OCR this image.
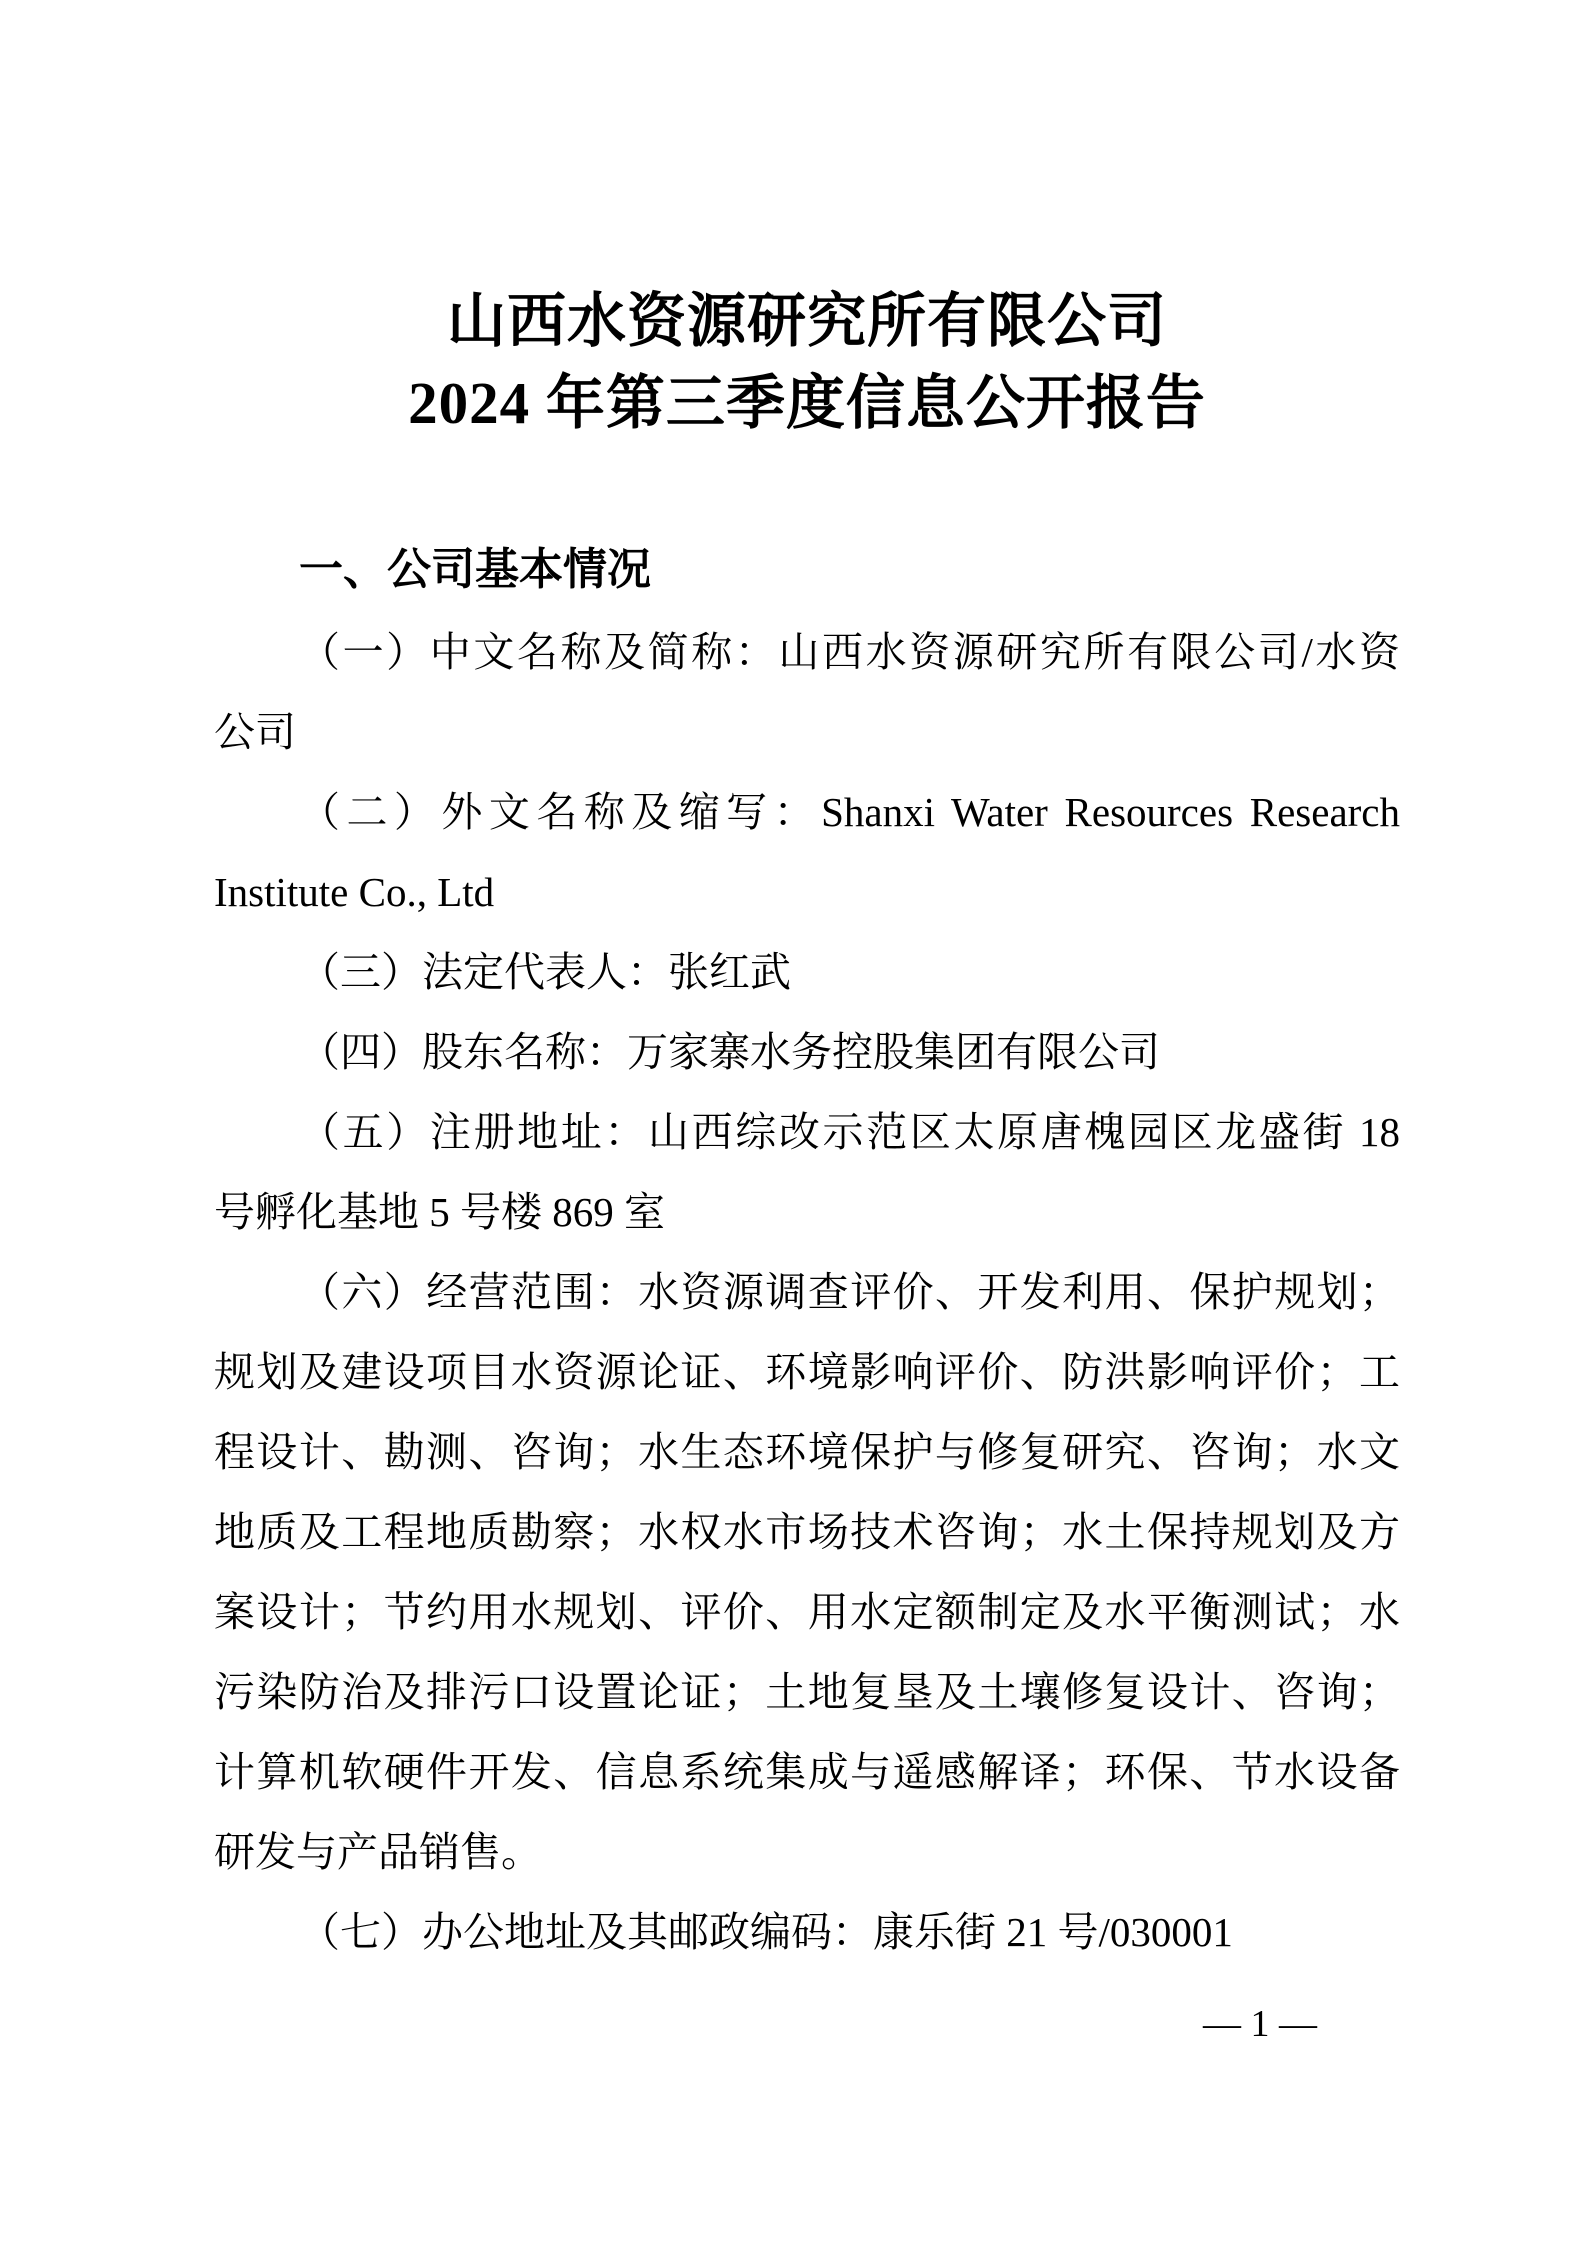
山西水资源研究所有限公司
2024 年第三季度信息公开报告
一、公司基本情况
（一）中文名称及简称：山西水资源研究所有限公司/水资
公司
（二）外文名称及缩写：Shanxi Water Resources Research
Institute Co., Ltd
（三）法定代表人：张红武
（四）股东名称：万家寨水务控股集团有限公司
（五）注册地址：山西综改示范区太原唐槐园区龙盛街 18
号孵化基地 5 号楼 869 室
（六）经营范围：水资源调查评价、开发利用、保护规划；
规划及建设项目水资源论证、环境影响评价、防洪影响评价；工
程设计、勘测、咨询；水生态环境保护与修复研究、咨询；水文
地质及工程地质勘察；水权水市场技术咨询；水土保持规划及方
案设计；节约用水规划、评价、用水定额制定及水平衡测试；水
污染防治及排污口设置论证；土地复垦及土壤修复设计、咨询；
计算机软硬件开发、信息系统集成与遥感解译；环保、节水设备
研发与产品销售。
（七）办公地址及其邮政编码：康乐街 21 号/030001
— 1 —
